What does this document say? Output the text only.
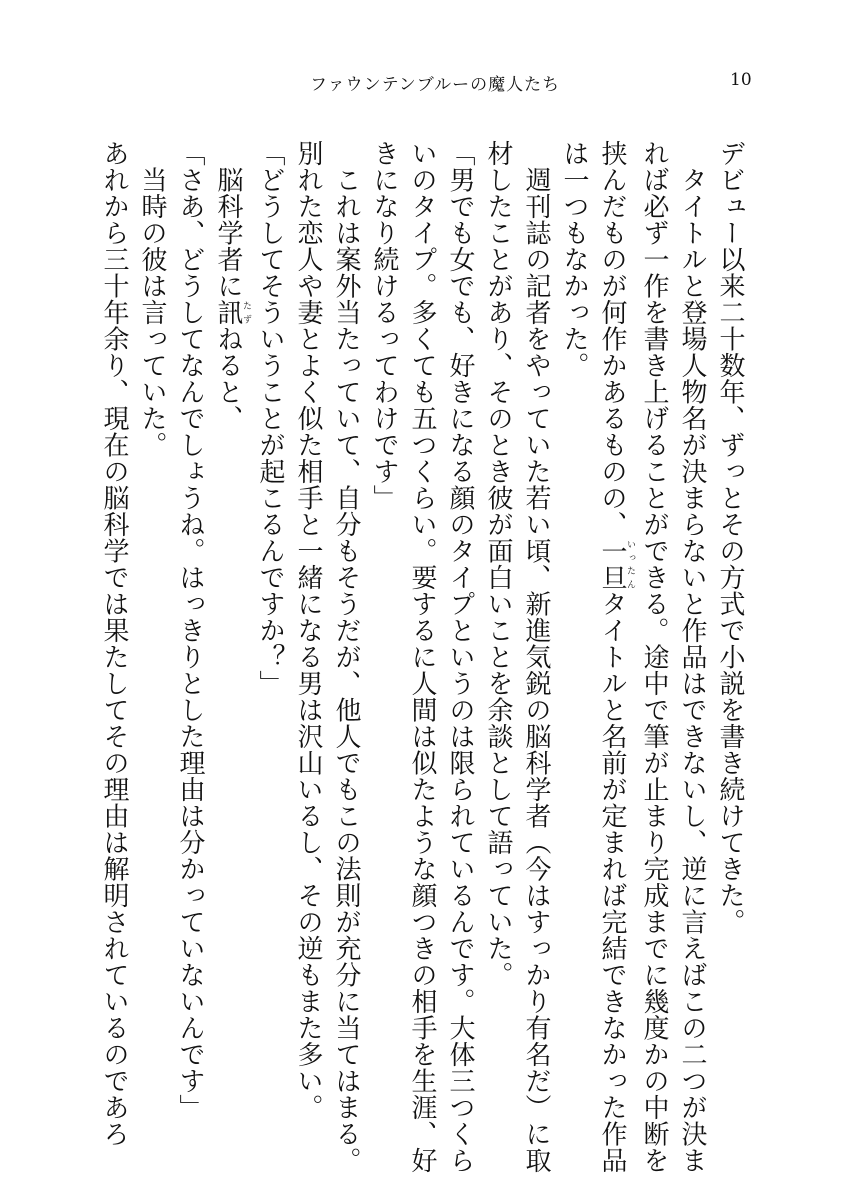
ファウンテンブルーの魔人たち	10
デビュー以来二十数年、ずっとその方式で小説を書き続けてきた。
　タイトルと登場人物名が決まらないと作品はできないし、逆に言えばこの二つが決ま
れば必ず一作を書き上げることができる。途中で筆が止まり完成までに幾度かの中断を
挟んだものが何作かあるものの、一旦いったんタイトルと名前が定まれば完結できなかった作品
は一つもなかった。
　週刊誌の記者をやっていた若い頃、新進気鋭の脳科学者（今はすっかり有名だ）に取
材したことがあり、そのとき彼が面白いことを余談として語っていた。
「男でも女でも、好きになる顔のタイプというのは限られているんです。大体三つくら
いのタイプ。多くても五つくらい。要するに人間は似たような顔つきの相手を生涯、好
きになり続けるってわけです」
　これは案外当たっていて、自分もそうだが、他人でもこの法則が充分に当てはまる。
別れた恋人や妻とよく似た相手と一緒になる男は沢山いるし、その逆もまた多い。
「どうしてそういうことが起こるんですか？」
　脳科学者に訊たずねると、
「さあ、どうしてなんでしょうね。はっきりとした理由は分かっていないんです」
　当時の彼は言っていた。
あれから三十年余り、現在の脳科学では果たしてその理由は解明されているのであろ
